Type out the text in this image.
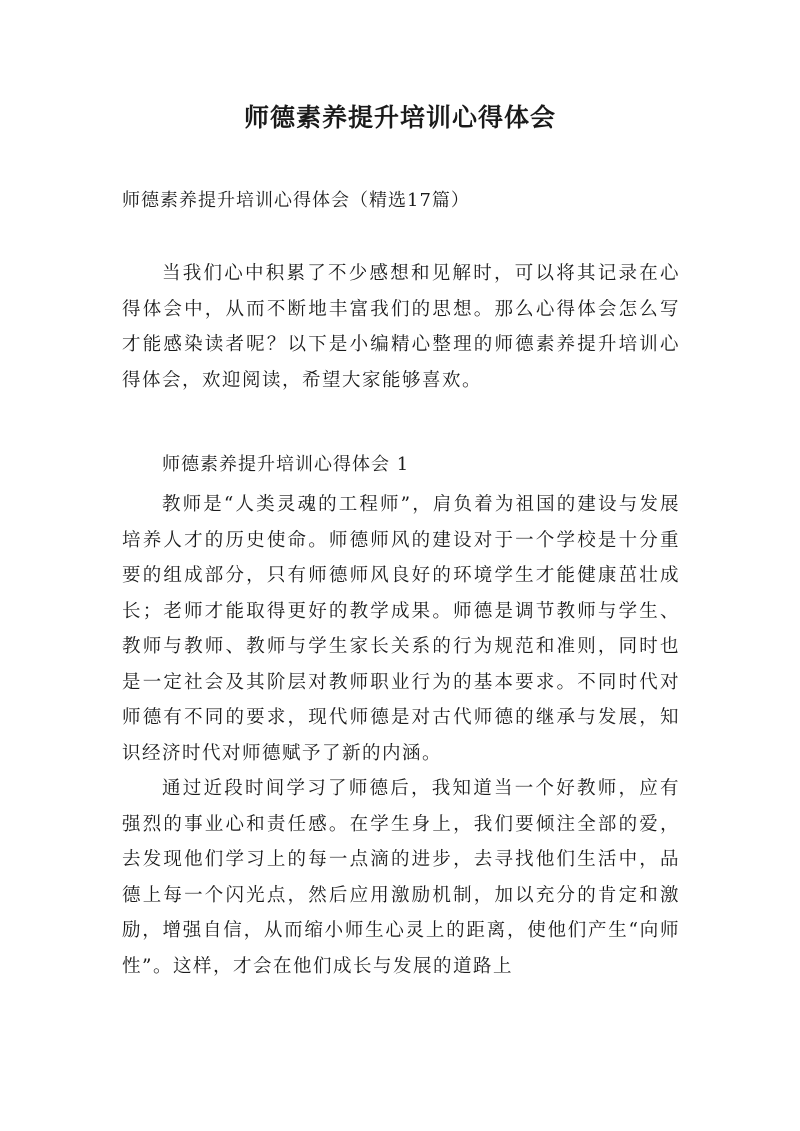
师德素养提升培训心得体会

师德素养提升培训心得体会（精选17篇）

当我们心中积累了不少感想和见解时，可以将其记录在心得体会中，从而不断地丰富我们的思想。那么心得体会怎么写才能感染读者呢？以下是小编精心整理的师德素养提升培训心得体会，欢迎阅读，希望大家能够喜欢。

师德素养提升培训心得体会 1

教师是“人类灵魂的工程师”，肩负着为祖国的建设与发展培养人才的历史使命。师德师风的建设对于一个学校是十分重要的组成部分，只有师德师风良好的环境学生才能健康茁壮成长；老师才能取得更好的教学成果。师德是调节教师与学生、教师与教师、教师与学生家长关系的行为规范和准则，同时也是一定社会及其阶层对教师职业行为的基本要求。不同时代对师德有不同的要求，现代师德是对古代师德的继承与发展，知识经济时代对师德赋予了新的内涵。

通过近段时间学习了师德后，我知道当一个好教师，应有强烈的事业心和责任感。在学生身上，我们要倾注全部的爱，去发现他们学习上的每一点滴的进步，去寻找他们生活中，品德上每一个闪光点，然后应用激励机制，加以充分的肯定和激励，增强自信，从而缩小师生心灵上的距离，使他们产生“向师性”。这样，才会在他们成长与发展的道路上
